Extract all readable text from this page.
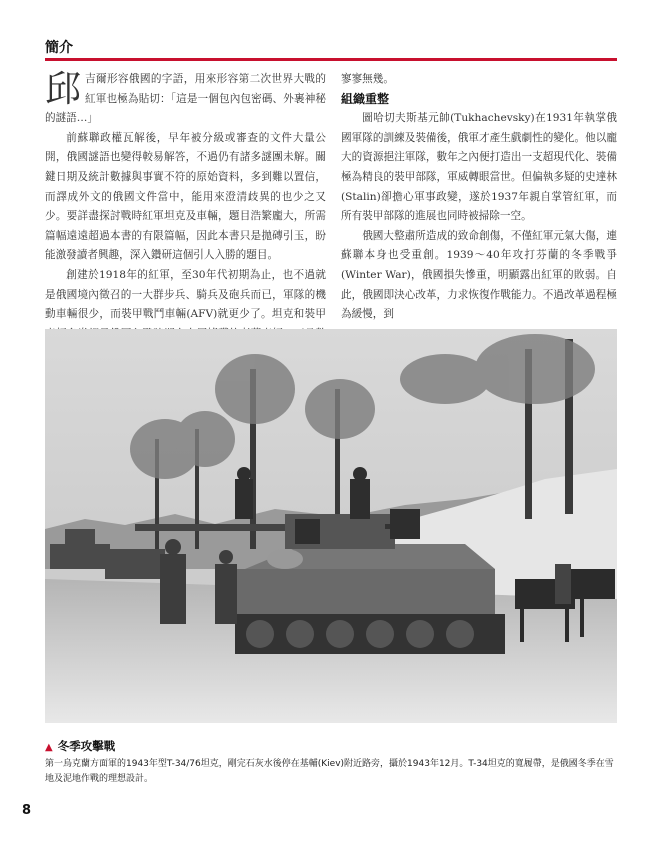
簡介

邱吉爾形容俄國的字語，用來形容第二次世界大戰的紅軍也極為貼切：「這是一個包內包密碼、外裹神秘的謎語…」

前蘇聯政權瓦解後，早年被分級或審查的文件大量公開，俄國謎語也變得較易解答，不過仍有諸多謎團未解。關鍵日期及統計數據與事實不符的原始資料，多到難以置信，而譯成外文的俄國文件當中，能用來澄清歧異的也少之又少。要詳盡探討戰時紅軍坦克及車輛，題目浩繁龐大，所需篇幅遠遠超過本書的有限篇幅，因此本書只是拋磚引玉，盼能激發讀者興趣，深入鑽研這個引人入勝的題目。

創建於1918年的紅軍，至30年代初期為止，也不過就是俄國境內徵召的一大群步兵、騎兵及砲兵而已，軍隊的機動車輛很少，而裝甲戰鬥車輛(AFV)就更少了。坦克和裝甲

寥寥無幾。

組織重整

圖哈切夫斯基元帥(Tukhachevsky)在1931年執掌俄國軍隊的訓練及裝備後，俄軍才產生戲劇性的變化。他以龐大的資源挹注軍隊，數年之內便打造出一支超現代化、裝備極為精良的裝甲部隊，軍威轉眼當世。但偏執多疑的史達林(Stalin)卻擔心軍事政變，遂於1937年親自掌管紅軍，而所有裝甲部隊的進展也同時被掃除一空。

俄國大整肅所造成的致命創傷，不僅紅軍元氣大傷，連蘇聯本身也受重創。1939～40年攻打芬蘭的冬季戰爭(Winter War)，俄國損失慘重，明顯露出紅軍的敗弱。自此，俄國即決心改革，力求恢復作戰能力。不過改革過程極為緩慢，到

▲ 冬季攻擊戰
第一烏克蘭方面軍的1943年型T-34/76坦克，剛完石灰水後停在基輔(Kiev)附近路旁，攝於1943年12月。T-34坦克的寬履帶，是俄國冬季在雪地及泥地作戰的理想設計。
8
